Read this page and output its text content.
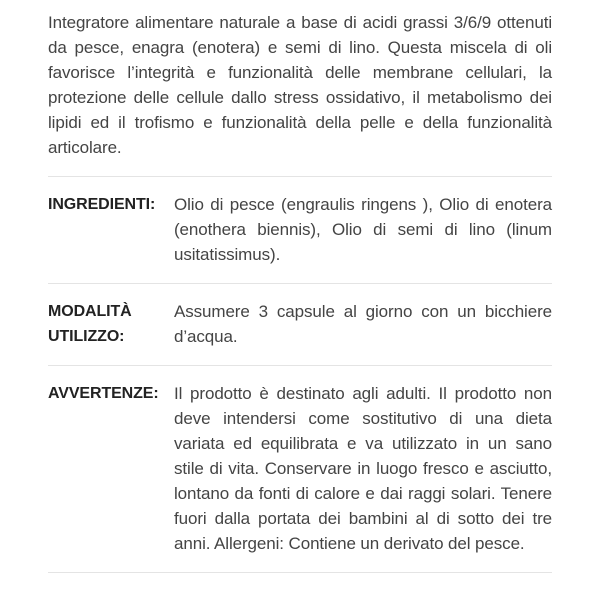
Integratore alimentare naturale a base di acidi grassi 3/6/9 ottenuti da pesce, enagra (enotera) e semi di lino. Questa miscela di oli favorisce l’integrità e funzionalità delle membrane cellulari, la protezione delle cellule dallo stress ossidativo, il metabolismo dei lipidi ed il trofismo e funzionalità della pelle e della funzionalità articolare.

INGREDIENTI:	Olio di pesce (engraulis ringens ), Olio di enotera (enothera biennis), Olio di semi di lino (linum usitatissimus).
MODALITÀ UTILIZZO:
Assumere 3 capsule al giorno con un bicchiere d’acqua.
AVVERTENZE: Il prodotto è destinato agli adulti. Il prodotto non deve intendersi come sostitutivo di una dieta variata ed equilibrata e va utilizzato in un sano stile di vita. Conservare in luogo fresco e asciutto, lontano da fonti di calore e dai raggi solari. Tenere fuori dalla portata dei bambini al di sotto dei tre anni. Allergeni: Contiene un derivato del pesce.
